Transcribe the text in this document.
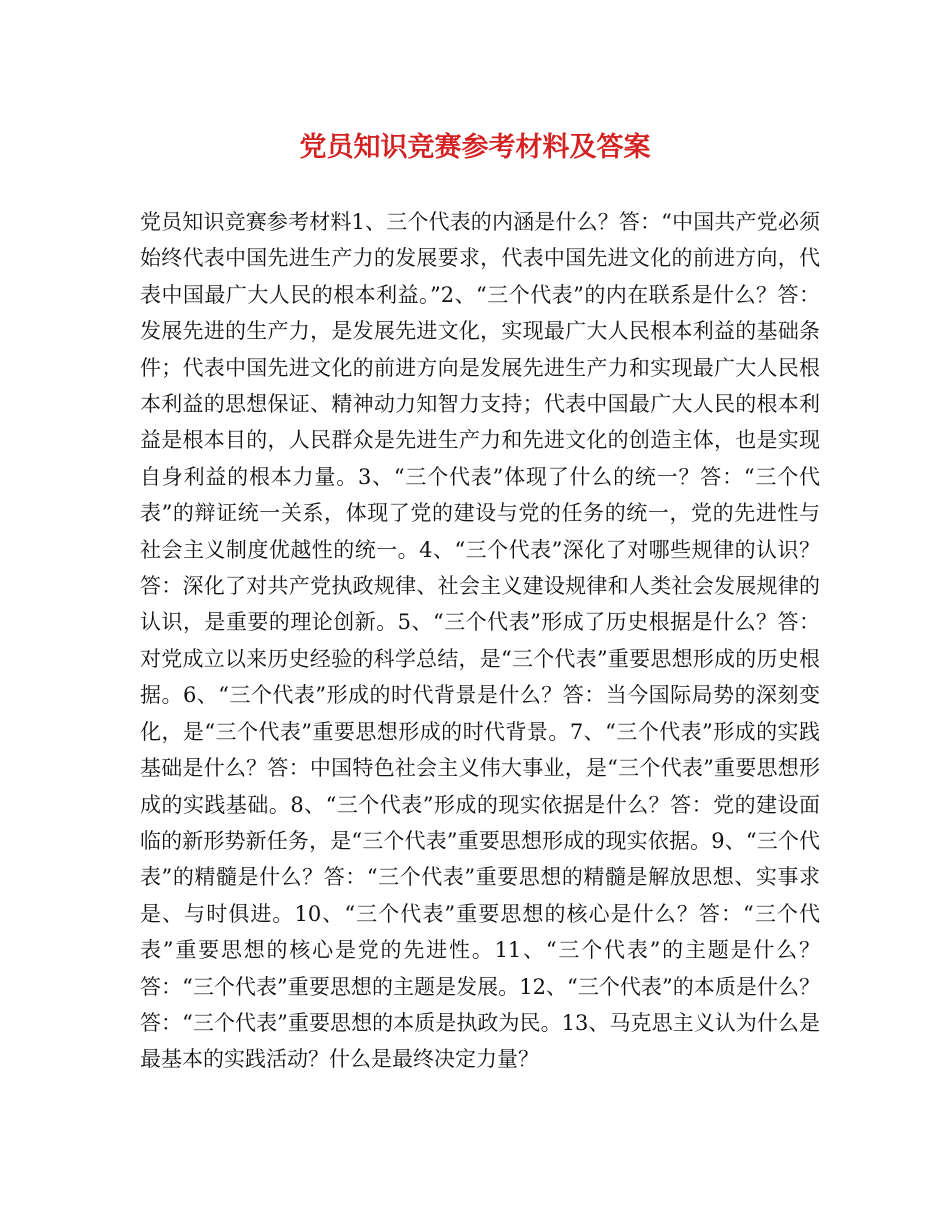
党员知识竞赛参考材料及答案

党员知识竞赛参考材料1、三个代表的内涵是什么？答：“中国共产党必须始终代表中国先进生产力的发展要求，代表中国先进文化的前进方向，代表中国最广大人民的根本利益。”2、“三个代表”的内在联系是什么？答：发展先进的生产力，是发展先进文化，实现最广大人民根本利益的基础条件；代表中国先进文化的前进方向是发展先进生产力和实现最广大人民根本利益的思想保证、精神动力知智力支持；代表中国最广大人民的根本利益是根本目的，人民群众是先进生产力和先进文化的创造主体，也是实现自身利益的根本力量。3、“三个代表”体现了什么的统一？答：“三个代表”的辩证统一关系，体现了党的建设与党的任务的统一，党的先进性与社会主义制度优越性的统一。4、“三个代表”深化了对哪些规律的认识？答：深化了对共产党执政规律、社会主义建设规律和人类社会发展规律的认识，是重要的理论创新。5、“三个代表”形成了历史根据是什么？答：对党成立以来历史经验的科学总结，是“三个代表”重要思想形成的历史根据。6、“三个代表”形成的时代背景是什么？答：当今国际局势的深刻变化，是“三个代表”重要思想形成的时代背景。7、“三个代表”形成的实践基础是什么？答：中国特色社会主义伟大事业，是“三个代表”重要思想形成的实践基础。8、“三个代表”形成的现实依据是什么？答：党的建设面临的新形势新任务，是“三个代表”重要思想形成的现实依据。9、“三个代表”的精髓是什么？答：“三个代表”重要思想的精髓是解放思想、实事求是、与时俱进。10、“三个代表”重要思想的核心是什么？答：“三个代表”重要思想的核心是党的先进性。11、“三个代表”的主题是什么？答：“三个代表”重要思想的主题是发展。12、“三个代表”的本质是什么？答：“三个代表”重要思想的本质是执政为民。13、马克思主义认为什么是最基本的实践活动？什么是最终决定力量？
